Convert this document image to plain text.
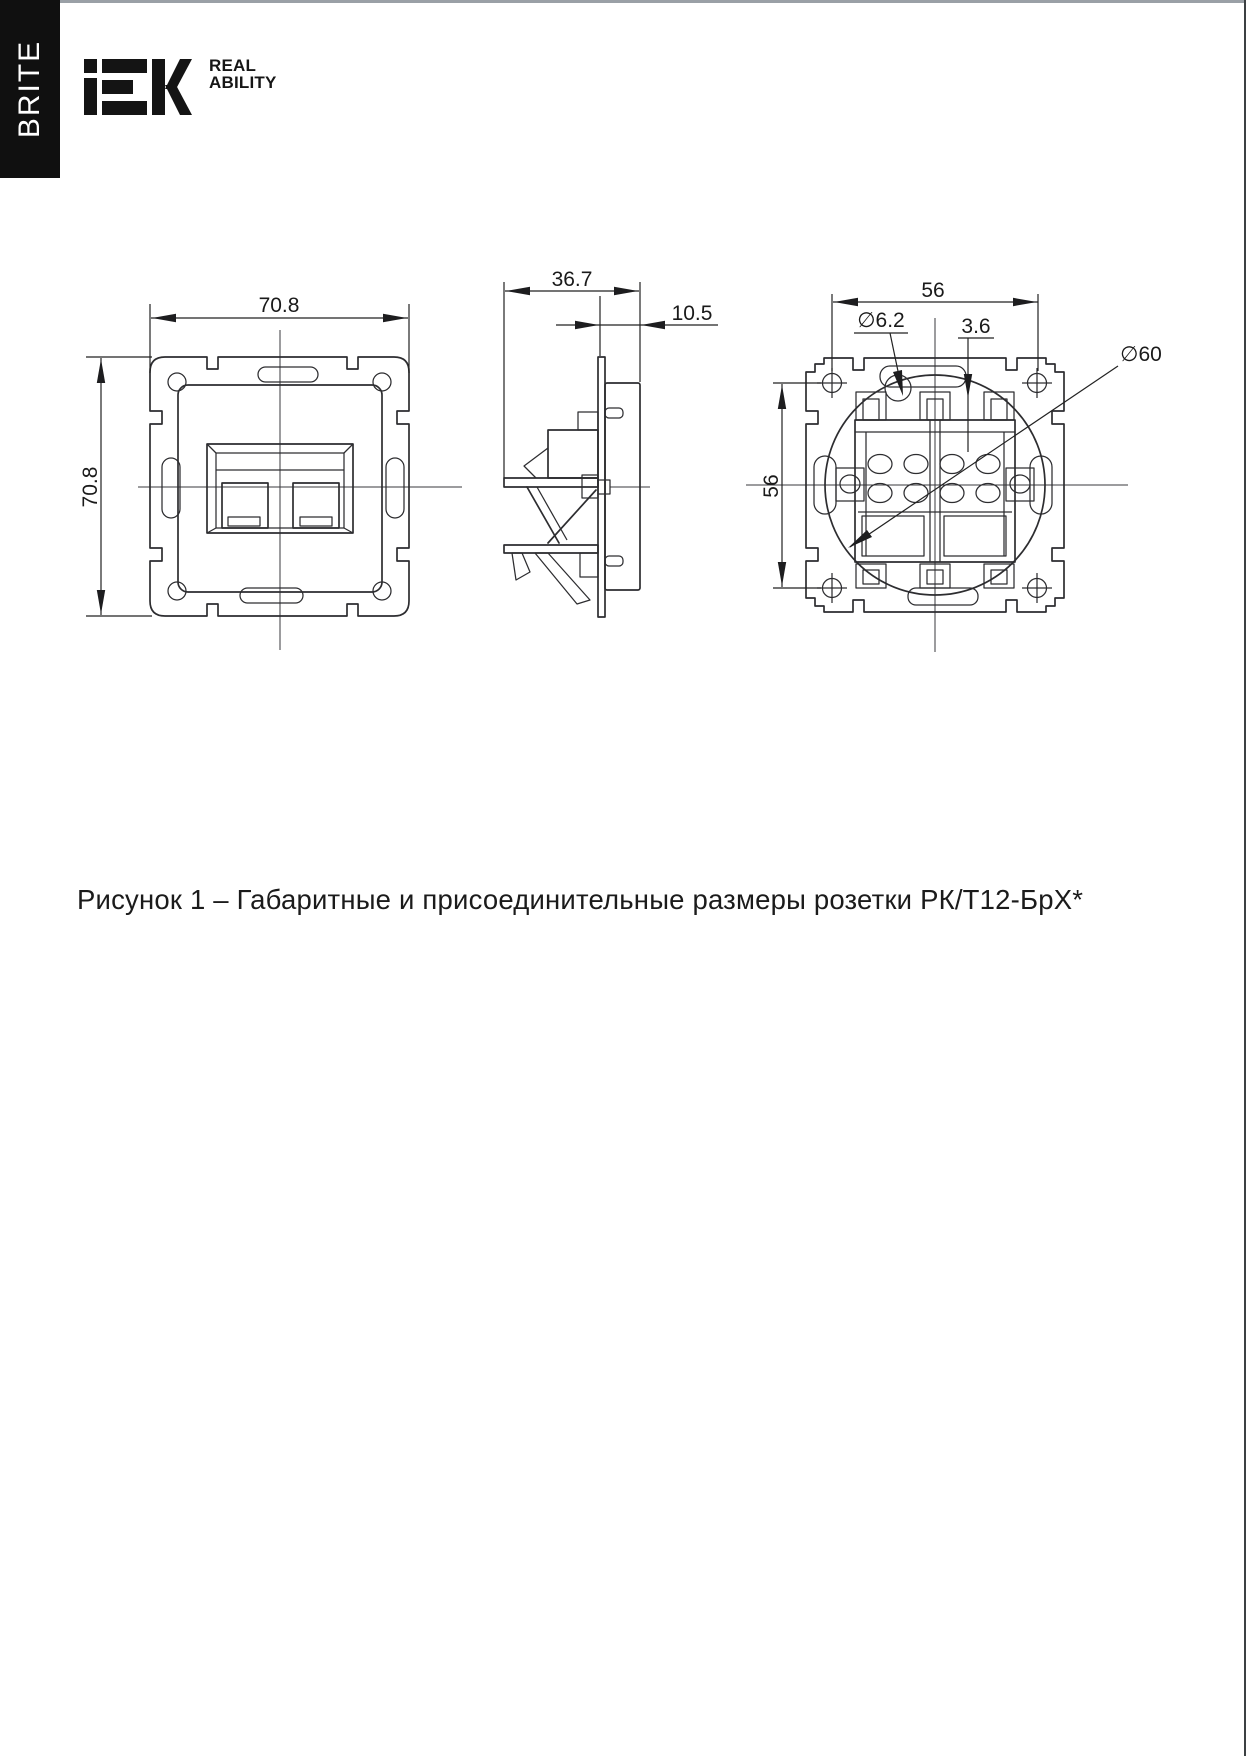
BRITE	REAL
ABILITY
70.8
70.8
36.7
10.5
56
56
∅6.2	3.6
∅60
Рисунок 1 – Габаритные и присоединительные размеры розетки РК/Т12-БрХ*
